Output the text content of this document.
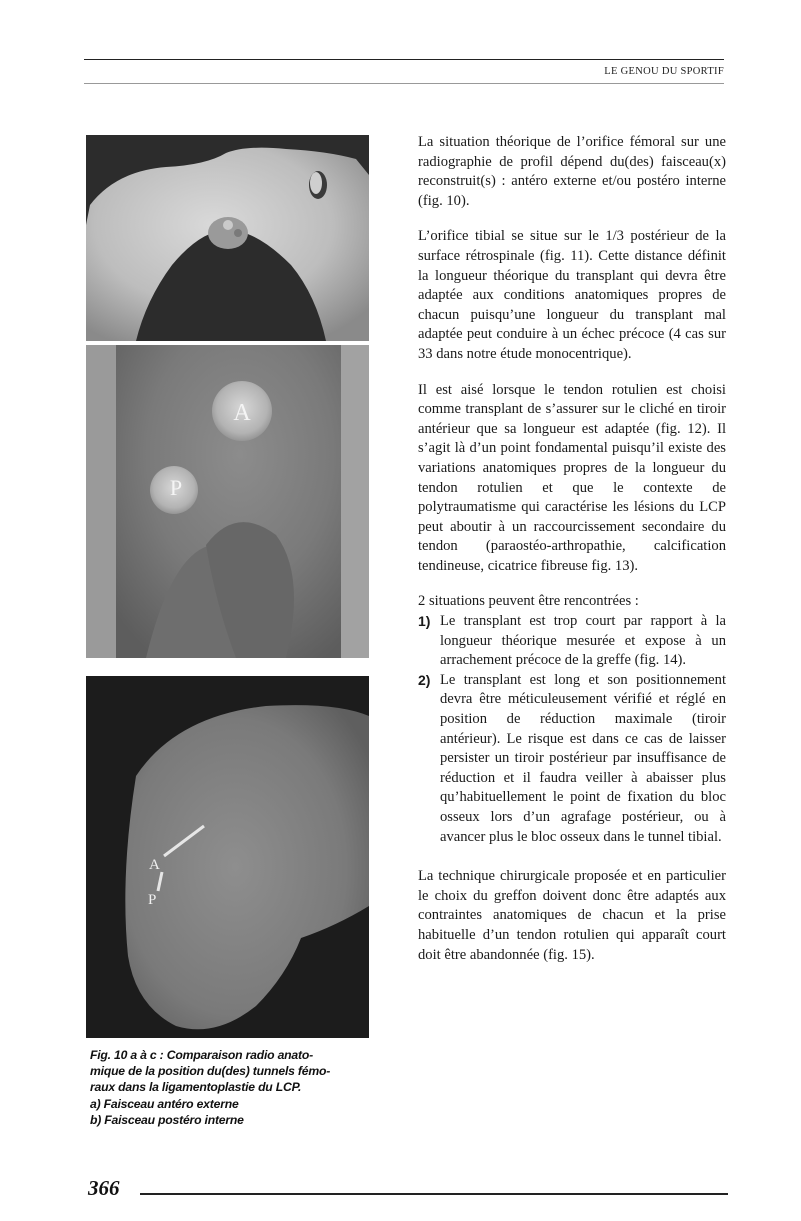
LE GENOU DU SPORTIF
A
P
A
P

Fig. 10 a à c : Comparaison radio anato-

mique de la position du(des) tunnels fémo-

raux dans la ligamentoplastie du LCP.

a) Faisceau antéro externe

b) Faisceau postéro interne

La situation théorique de l’orifice fémoral sur une radiographie de profil dépend du(des) faisceau(x) reconstruit(s) : antéro externe et/ou postéro interne (fig. 10).

L’orifice tibial se situe sur le 1/3 postérieur de la surface rétrospinale (fig. 11). Cette distance définit la longueur théorique du transplant qui devra être adaptée aux conditions anatomiques propres de chacun puisqu’une longueur du transplant mal adaptée peut conduire à un échec précoce (4 cas sur 33 dans notre étude monocentrique).

Il est aisé lorsque le tendon rotulien est choisi comme transplant de s’assurer sur le cliché en tiroir antérieur que sa longueur est adaptée (fig. 12). Il s’agit là d’un point fondamental puisqu’il existe des variations anatomiques propres de la longueur du tendon rotulien et que le contexte de polytraumatisme qui caractérise les lésions du LCP peut aboutir à un raccourcissement secondaire du tendon (paraostéo-arthropathie, calcification tendineuse, cicatrice fibreuse fig. 13).

2 situations peuvent être rencontrées :

1) Le transplant est trop court par rapport à la longueur théorique mesurée et expose à un arrachement précoce de la greffe (fig. 14).
2) Le transplant est long et son positionnement devra être méticuleusement vérifié et réglé en position de réduction maximale (tiroir antérieur). Le risque est dans ce cas de laisser persister un tiroir postérieur par insuffisance de réduction et il faudra veiller à abaisser plus qu’habituellement le point de fixation du bloc osseux lors d’un agrafage postérieur, ou à avancer plus le bloc osseux dans le tunnel tibial.

La technique chirurgicale proposée et en particulier le choix du greffon doivent donc être adaptés aux contraintes anatomiques de chacun et la prise habituelle d’un tendon rotulien qui apparaît court doit être abandonnée (fig. 15).

366
